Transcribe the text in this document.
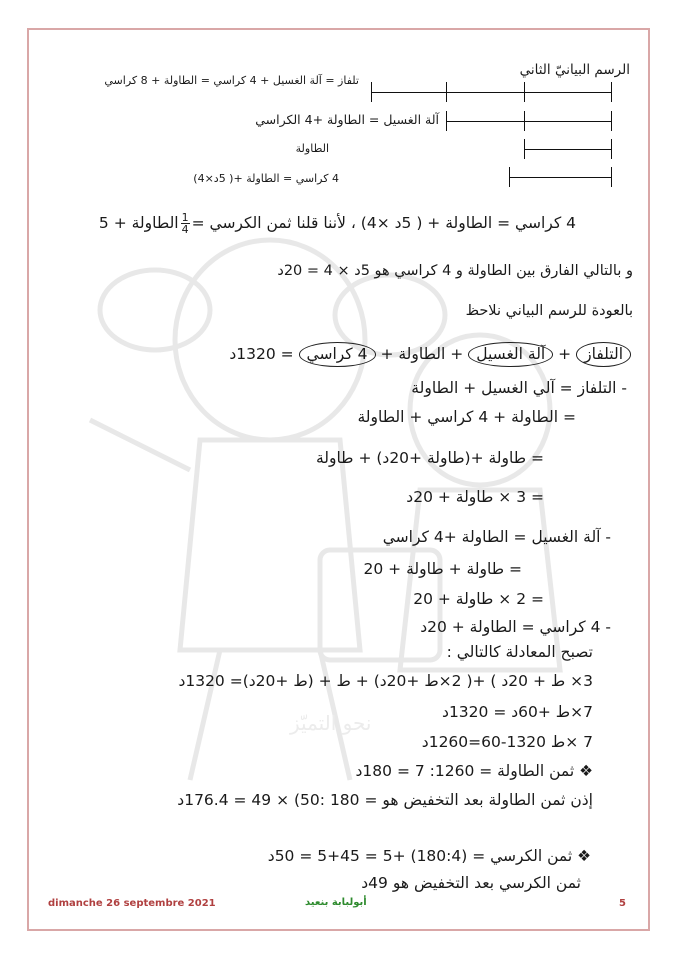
نحو التميّز
الرسم البيانيّ الثاني
تلفاز = آلة الغسيل + 4 كراسي = الطاولة + 8 كراسي
آلة الغسيل = الطاولة +4 الكراسي
الطاولة
4 كراسي = الطاولة +( 5د×4)
4 كراسي = الطاولة + ( 5د ×4) ، لأننا قلنا ثمن الكرسي =
$\frac{1}{4}$
الطاولة + 5
و بالتالي الفارق بين الطاولة و 4 كراسي هو 5د × 4 = 20د
بالعودة للرسم البياني نلاحظ
التلفاز + آلة الغسيل + الطاولة + 4 كراسي = 1320د
- التلفاز = آلي الغسيل + الطاولة
= الطاولة + 4 كراسي + الطاولة
= طاولة +(طاولة +20د) + طاولة
= 3 × طاولة + 20د
- آلة الغسيل = الطاولة +4 كراسي
= طاولة + طاولة + 20
= 2 × طاولة + 20
- 4 كراسي = الطاولة + 20د
تصبح المعادلة كالتالي :
3× ط + 20د ) +( 2×ط +20د) + ط + (ط +20د)= 1320د
7×ط +60د = 1320د
7 ×ط 1320-60=1260د
❖ ثمن الطاولة = 1260: 7 = 180د
إذن ثمن الطاولة بعد التخفيض هو = 180 :50) × 49 = 176.4د
❖ ثمن الكرسي = (180:4) +5 = 45+5 = 50د
ثمن الكرسي بعد التخفيض هو 49د
dimanche 26 septembre 2021	أبولبابة بنعيد	5
